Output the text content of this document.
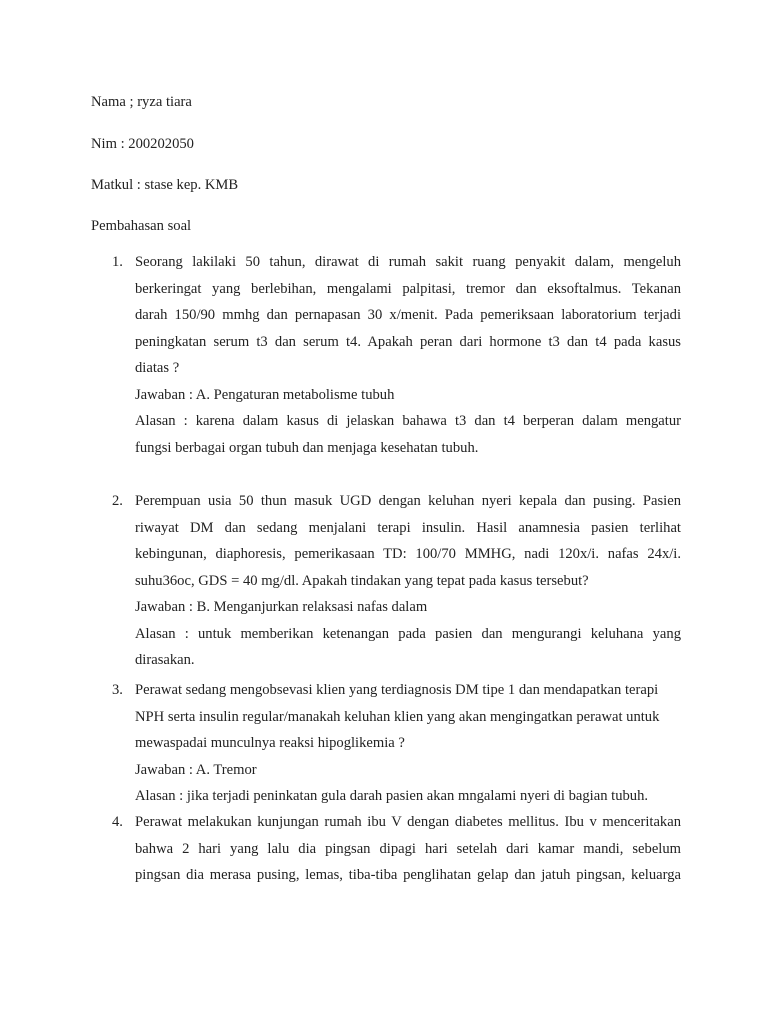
Nama ; ryza tiara
Nim : 200202050
Matkul : stase kep. KMB
Pembahasan soal
1. Seorang lakilaki 50 tahun, dirawat di rumah sakit ruang penyakit dalam, mengeluh
berkeringat yang berlebihan, mengalami palpitasi, tremor dan eksoftalmus. Tekanan
darah 150/90 mmhg dan pernapasan 30 x/menit. Pada pemeriksaan laboratorium terjadi
peningkatan serum t3 dan serum t4. Apakah peran dari hormone t3 dan t4 pada kasus
diatas ?
Jawaban : A. Pengaturan metabolisme tubuh
Alasan : karena dalam kasus di jelaskan bahawa t3 dan t4 berperan dalam mengatur
fungsi berbagai organ tubuh dan menjaga kesehatan tubuh.
2. Perempuan usia 50 thun masuk UGD dengan keluhan nyeri kepala dan pusing. Pasien
riwayat DM dan sedang menjalani terapi insulin. Hasil anamnesia pasien terlihat
kebingunan, diaphoresis, pemerikasaan TD: 100/70 MMHG, nadi 120x/i. nafas 24x/i.
suhu36oc, GDS = 40 mg/dl. Apakah tindakan yang tepat pada kasus tersebut?
Jawaban : B. Menganjurkan relaksasi nafas dalam
Alasan : untuk memberikan ketenangan pada pasien dan mengurangi keluhana yang
dirasakan.
3. Perawat sedang mengobsevasi klien yang terdiagnosis DM tipe 1 dan mendapatkan terapi
NPH serta insulin regular/manakah keluhan klien yang akan mengingatkan perawat untuk
mewaspadai munculnya reaksi hipoglikemia ?
Jawaban : A. Tremor
Alasan : jika terjadi peninkatan gula darah pasien akan mngalami nyeri di bagian tubuh.
4. Perawat melakukan kunjungan rumah ibu V dengan diabetes mellitus. Ibu v menceritakan
bahwa 2 hari yang lalu dia pingsan dipagi hari setelah dari kamar mandi, sebelum
pingsan dia merasa pusing, lemas, tiba-tiba penglihatan gelap dan jatuh pingsan, keluarga
